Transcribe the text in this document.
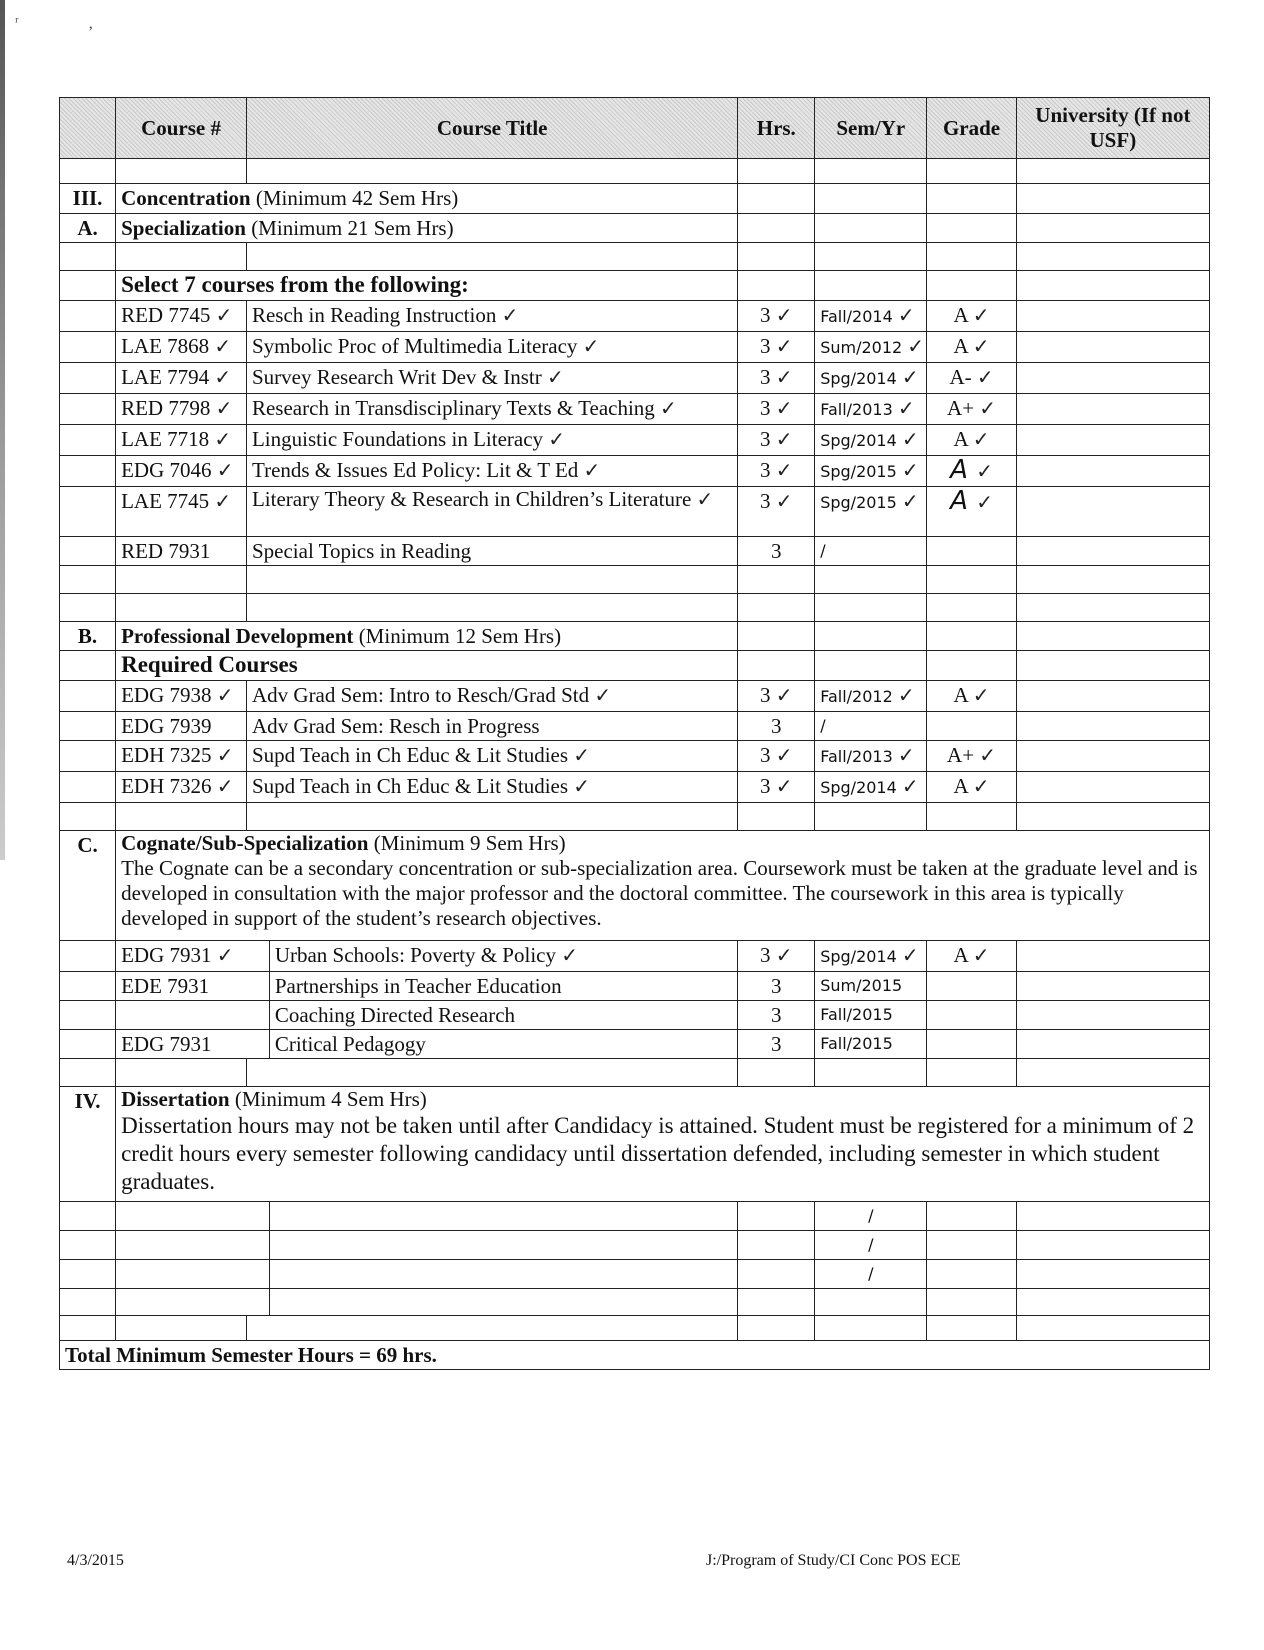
ʳ
ʼ
	Course #	Course Title		Hrs.	Sem/Yr	Grade	University (If not USF)

III.	Concentration (Minimum 42 Sem Hrs)						
A.	Specialization (Minimum 21 Sem Hrs)						

	Select 7 courses from the following:						
	RED 7745 ✓	Resch in Reading Instruction ✓		3 ✓	Fall/2014 ✓	A ✓	
	LAE 7868 ✓	Symbolic Proc of Multimedia Literacy ✓		3 ✓	Sum/2012 ✓	A ✓	
	LAE 7794 ✓	Survey Research Writ Dev & Instr ✓		3 ✓	Spg/2014 ✓	A- ✓	
	RED 7798 ✓	Research in Transdisciplinary Texts & Teaching ✓		3 ✓	Fall/2013 ✓	A+ ✓	
	LAE 7718 ✓	Linguistic Foundations in Literacy ✓		3 ✓	Spg/2014 ✓	A ✓	
	EDG 7046 ✓	Trends & Issues Ed Policy: Lit & T Ed ✓		3 ✓	Spg/2015 ✓	A ✓	
	LAE 7745 ✓	Literary Theory & Research in Children’s Literature ✓		3 ✓	Spg/2015 ✓	A ✓	
	RED 7931	Special Topics in Reading		3	/		

B.	Professional Development (Minimum 12 Sem Hrs)						
	Required Courses						
	EDG 7938 ✓	Adv Grad Sem: Intro to Resch/Grad Std ✓		3 ✓	Fall/2012 ✓	A ✓	
	EDG 7939	Adv Grad Sem: Resch in Progress		3	/		
	EDH 7325 ✓	Supd Teach in Ch Educ & Lit Studies ✓		3 ✓	Fall/2013 ✓	A+ ✓	
	EDH 7326 ✓	Supd Teach in Ch Educ & Lit Studies ✓		3 ✓	Spg/2014 ✓	A ✓	

C.	Cognate/Sub-Specialization (Minimum 9 Sem Hrs)
The Cognate can be a secondary concentration or sub-specialization area. Coursework must be taken at the graduate level and is developed in consultation with the major professor and the doctoral committee. The coursework in this area is typically developed in support of the student’s research objectives.						
	EDG 7931 ✓		Urban Schools: Poverty & Policy ✓	3 ✓	Spg/2014 ✓	A ✓	
	EDE 7931		Partnerships in Teacher Education	3	Sum/2015		
			Coaching Directed Research	3	Fall/2015		
	EDG 7931		Critical Pedagogy	3	Fall/2015		

IV.	Dissertation (Minimum 4 Sem Hrs)
Dissertation hours may not be taken until after Candidacy is attained. Student must be registered for a minimum of 2 credit hours every semester following candidacy until dissertation defended, including semester in which student graduates.						
					/		
					/		
					/		

Total Minimum Semester Hours = 69 hrs.							
4/3/2015	J:/Program of Study/CI Conc POS ECE
